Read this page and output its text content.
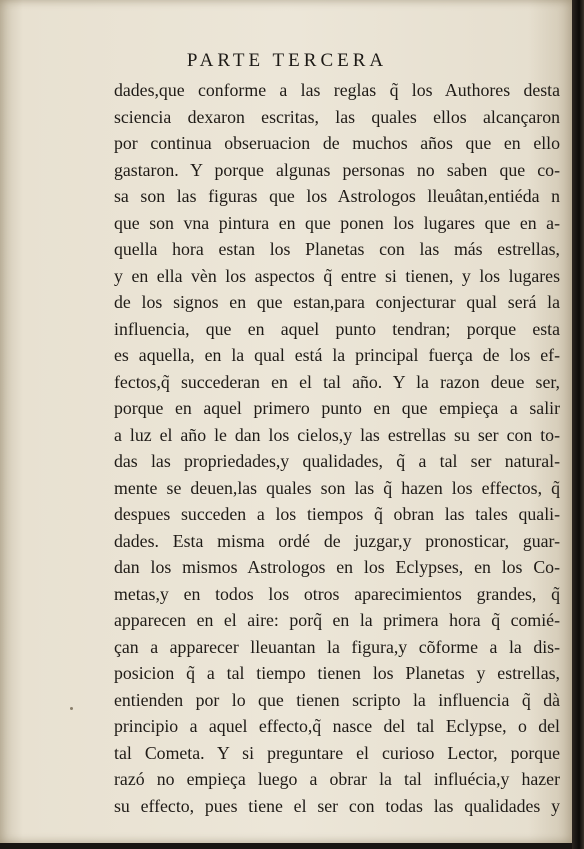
PARTE TERCERA
dades,que conforme a las reglas q̃ los Authores desta
sciencia dexaron escritas, las quales ellos alcançaron
por continua obseruacion de muchos años que en ello
gastaron. Y porque algunas personas no saben que co-
sa son las figuras que los Astrologos lleuâtan,entiéda n
que son vna pintura en que ponen los lugares que en a-
quella hora estan los Planetas con las más estrellas,
y en ella vèn los aspectos q̃ entre si tienen, y los lugares
de los signos en que estan,para conjecturar qual será la
influencia, que en aquel punto tendran; porque esta
es aquella, en la qual está la principal fuerça de los ef-
fectos,q̃ succederan en el tal año. Y la razon deue ser,
porque en aquel primero punto en que empieça a salir
a luz el año le dan los cielos,y las estrellas su ser con to-
das las propriedades,y qualidades, q̃ a tal ser natural-
mente se deuen,las quales son las q̃ hazen los effectos, q̃
despues succeden a los tiempos q̃ obran las tales quali-
dades. Esta misma ordé de juzgar,y pronosticar, guar-
dan los mismos Astrologos en los Eclypses, en los Co-
metas,y en todos los otros aparecimientos grandes, q̃
apparecen en el aire: porq̃ en la primera hora q̃ comié-
çan a apparecer lleuantan la figura,y cõforme a la dis-
posicion q̃ a tal tiempo tienen los Planetas y estrellas,
entienden por lo que tienen scripto la influencia q̃ dà
principio a aquel effecto,q̃ nasce del tal Eclypse, o del
tal Cometa. Y si preguntare el curioso Lector, porque
razó no empieça luego a obrar la tal influécia,y hazer
su effecto, pues tiene el ser con todas las qualidades y
